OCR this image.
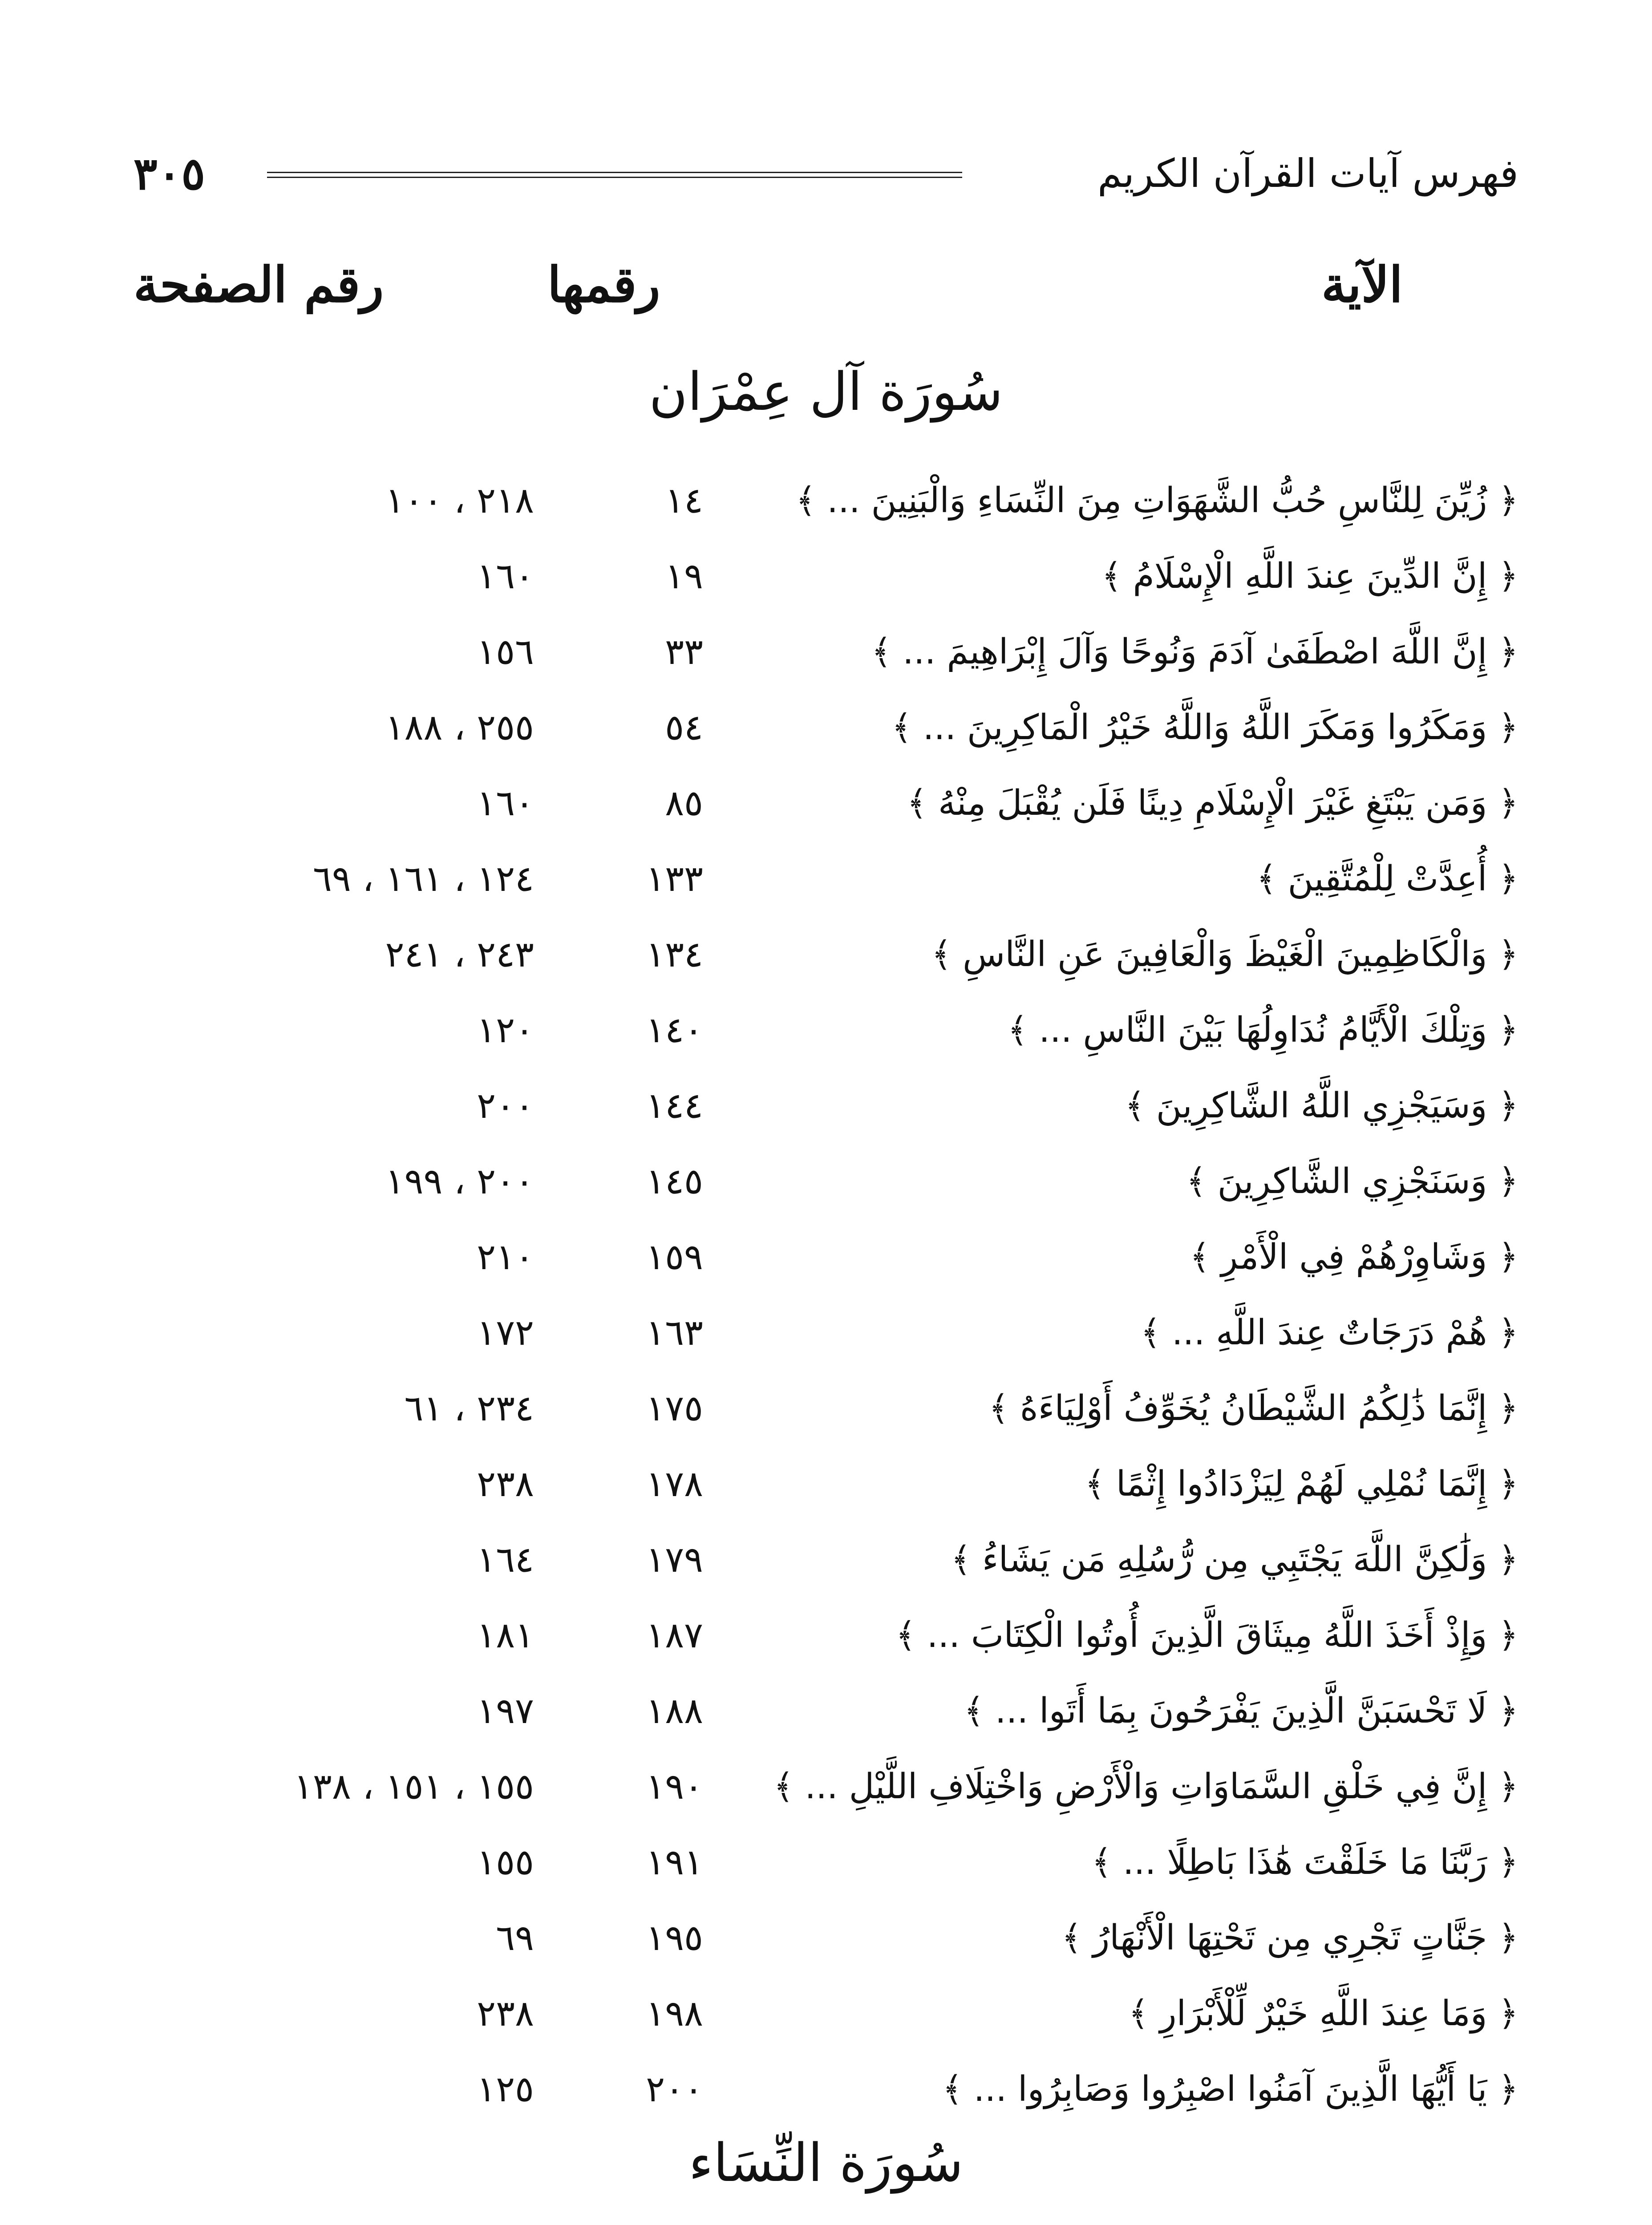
فهرس آيات القرآن الكريم
٣٠٥
الآية
رقمها
رقم الصفحة
سُورَة آل عِمْرَان
﴿ زُيِّنَ لِلنَّاسِ حُبُّ الشَّهَوَاتِ مِنَ النِّسَاءِ وَالْبَنِينَ ... ﴾
١٤
٢١٨ ، ١٠٠
﴿ إِنَّ الدِّينَ عِندَ اللَّهِ الْإِسْلَامُ ﴾
١٩
١٦٠
﴿ إِنَّ اللَّهَ اصْطَفَىٰ آدَمَ وَنُوحًا وَآلَ إِبْرَاهِيمَ ... ﴾
٣٣
١٥٦
﴿ وَمَكَرُوا وَمَكَرَ اللَّهُ وَاللَّهُ خَيْرُ الْمَاكِرِينَ ... ﴾
٥٤
٢٥٥ ، ١٨٨
﴿ وَمَن يَبْتَغِ غَيْرَ الْإِسْلَامِ دِينًا فَلَن يُقْبَلَ مِنْهُ ﴾
٨٥
١٦٠
﴿ أُعِدَّتْ لِلْمُتَّقِينَ ﴾
١٣٣
١٢٤ ، ١٦١ ، ٦٩
﴿ وَالْكَاظِمِينَ الْغَيْظَ وَالْعَافِينَ عَنِ النَّاسِ ﴾
١٣٤
٢٤٣ ، ٢٤١
﴿ وَتِلْكَ الْأَيَّامُ نُدَاوِلُهَا بَيْنَ النَّاسِ ... ﴾
١٤٠
١٢٠
﴿ وَسَيَجْزِي اللَّهُ الشَّاكِرِينَ ﴾
١٤٤
٢٠٠
﴿ وَسَنَجْزِي الشَّاكِرِينَ ﴾
١٤٥
٢٠٠ ، ١٩٩
﴿ وَشَاوِرْهُمْ فِي الْأَمْرِ ﴾
١٥٩
٢١٠
﴿ هُمْ دَرَجَاتٌ عِندَ اللَّهِ ... ﴾
١٦٣
١٧٢
﴿ إِنَّمَا ذَٰلِكُمُ الشَّيْطَانُ يُخَوِّفُ أَوْلِيَاءَهُ ﴾
١٧٥
٢٣٤ ، ٦١
﴿ إِنَّمَا نُمْلِي لَهُمْ لِيَزْدَادُوا إِثْمًا ﴾
١٧٨
٢٣٨
﴿ وَلَٰكِنَّ اللَّهَ يَجْتَبِي مِن رُّسُلِهِ مَن يَشَاءُ ﴾
١٧٩
١٦٤
﴿ وَإِذْ أَخَذَ اللَّهُ مِيثَاقَ الَّذِينَ أُوتُوا الْكِتَابَ ... ﴾
١٨٧
١٨١
﴿ لَا تَحْسَبَنَّ الَّذِينَ يَفْرَحُونَ بِمَا أَتَوا ... ﴾
١٨٨
١٩٧
﴿ إِنَّ فِي خَلْقِ السَّمَاوَاتِ وَالْأَرْضِ وَاخْتِلَافِ اللَّيْلِ ... ﴾
١٩٠
١٥٥ ، ١٥١ ، ١٣٨
﴿ رَبَّنَا مَا خَلَقْتَ هَٰذَا بَاطِلًا ... ﴾
١٩١
١٥٥
﴿ جَنَّاتٍ تَجْرِي مِن تَحْتِهَا الْأَنْهَارُ ﴾
١٩٥
٦٩
﴿ وَمَا عِندَ اللَّهِ خَيْرٌ لِّلْأَبْرَارِ ﴾
١٩٨
٢٣٨
﴿ يَا أَيُّهَا الَّذِينَ آمَنُوا اصْبِرُوا وَصَابِرُوا ... ﴾
٢٠٠
١٢٥
سُورَة النِّسَاء
